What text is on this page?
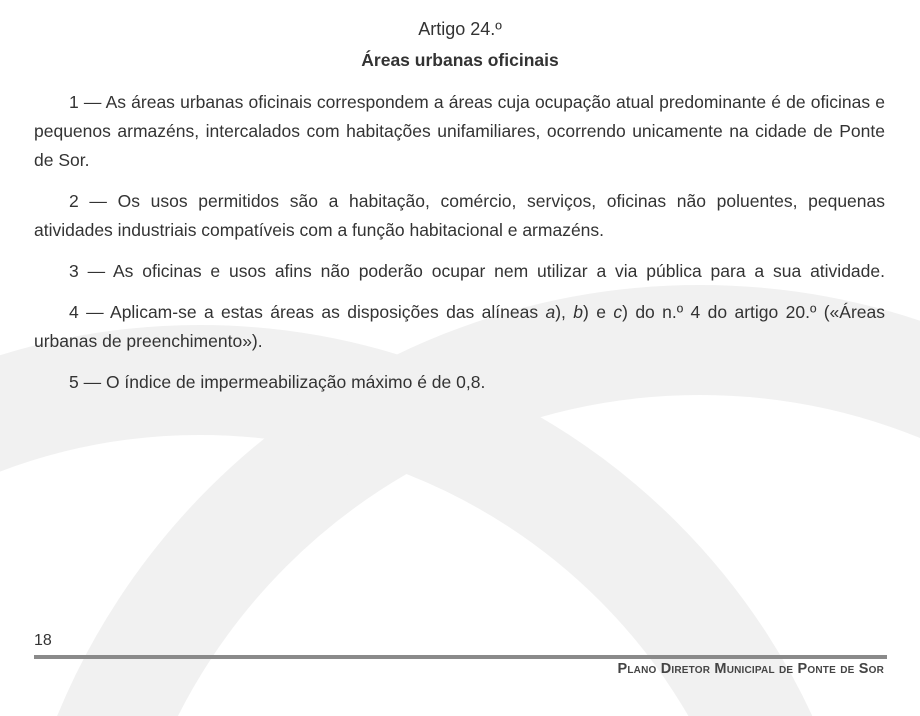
Artigo 24.º
Áreas urbanas oficinais

1 — As áreas urbanas oficinais correspondem a áreas cuja ocupação atual predominante é de oficinas e pequenos armazéns, intercalados com habitações unifamiliares, ocorrendo unicamente na cidade de Ponte de Sor.

2 — Os usos permitidos são a habitação, comércio, serviços, oficinas não poluentes, pequenas atividades industriais compatíveis com a função habitacional e armazéns.

3 — As oficinas e usos afins não poderão ocupar nem utilizar a via pública para a sua atividade.

4 — Aplicam-se a estas áreas as disposições das alíneas a), b) e c) do n.º 4 do artigo 20.º («Áreas urbanas de preenchimento»).

5 — O índice de impermeabilização máximo é de 0,8.

18
Plano Diretor Municipal de Ponte de Sor
